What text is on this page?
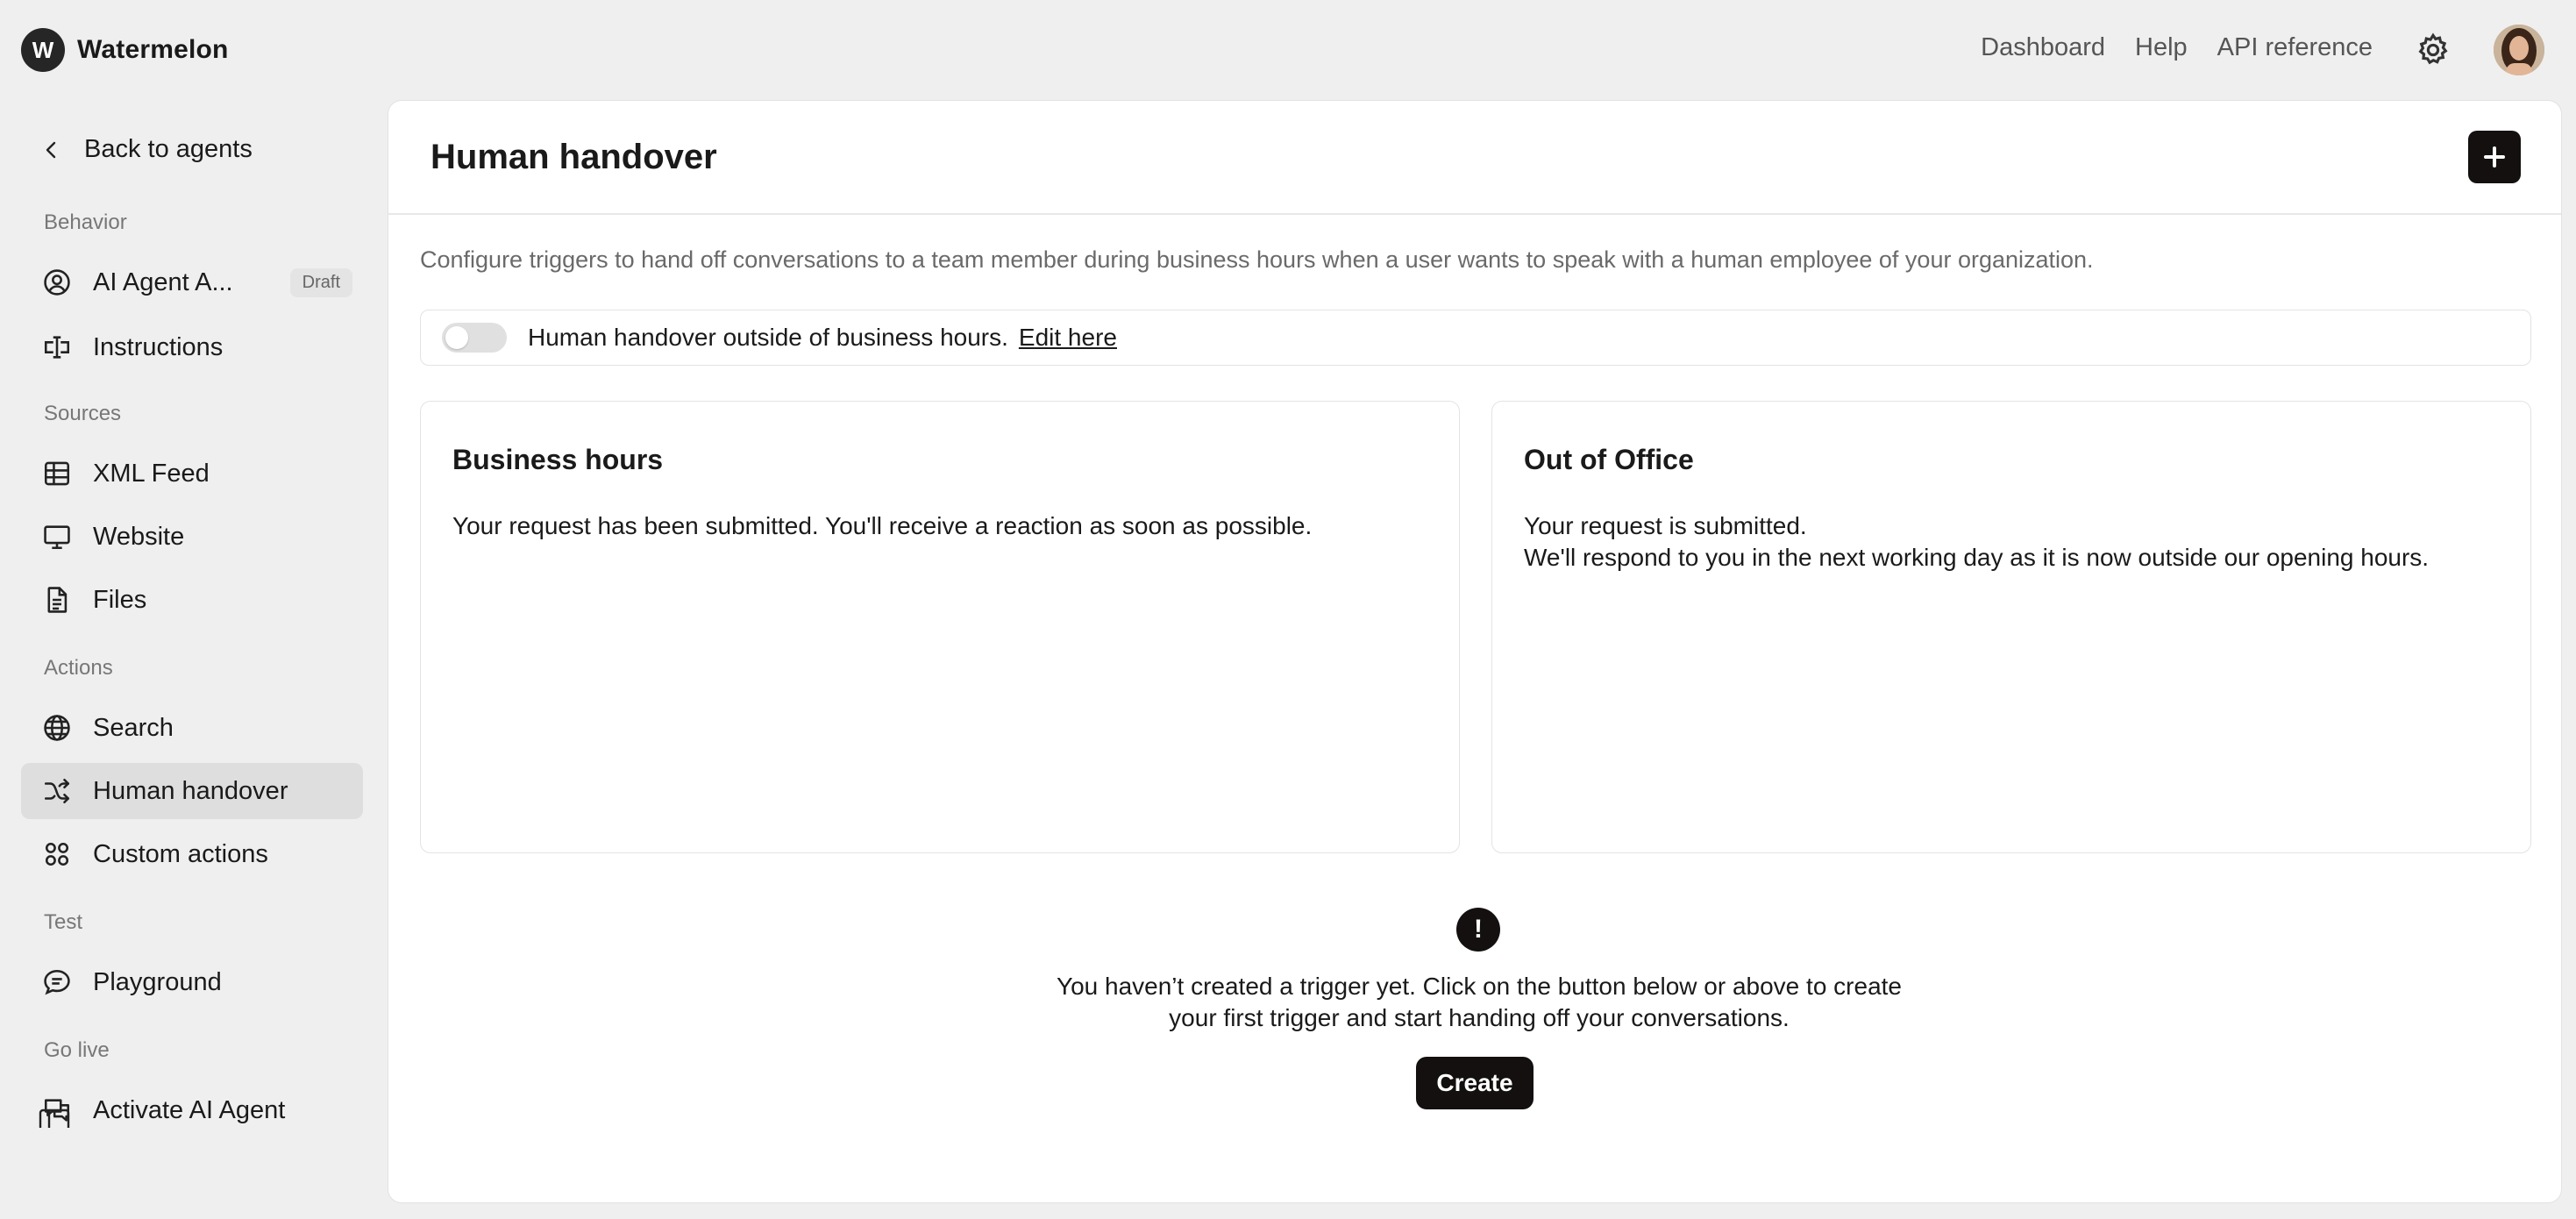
W Watermelon	Dashboard Help API reference
Back to agents
Behavior
AI Agent A...	Draft
Instructions
Sources
XML Feed
Website
Files
Actions
Search
Human handover
Custom actions
Test
Playground
Go live
Activate AI Agent
Human handover
Configure triggers to hand off conversations to a team member during business hours when a user wants to speak with a human employee of your organization.
Human handover outside of business hours. Edit here
Business hours
Your request has been submitted. You'll receive a reaction as soon as possible.
Out of Office
Your request is submitted.
We'll respond to you in the next working day as it is now outside our opening hours.
!
You haven’t created a trigger yet. Click on the button below or above to create
your first trigger and start handing off your conversations.
Create
